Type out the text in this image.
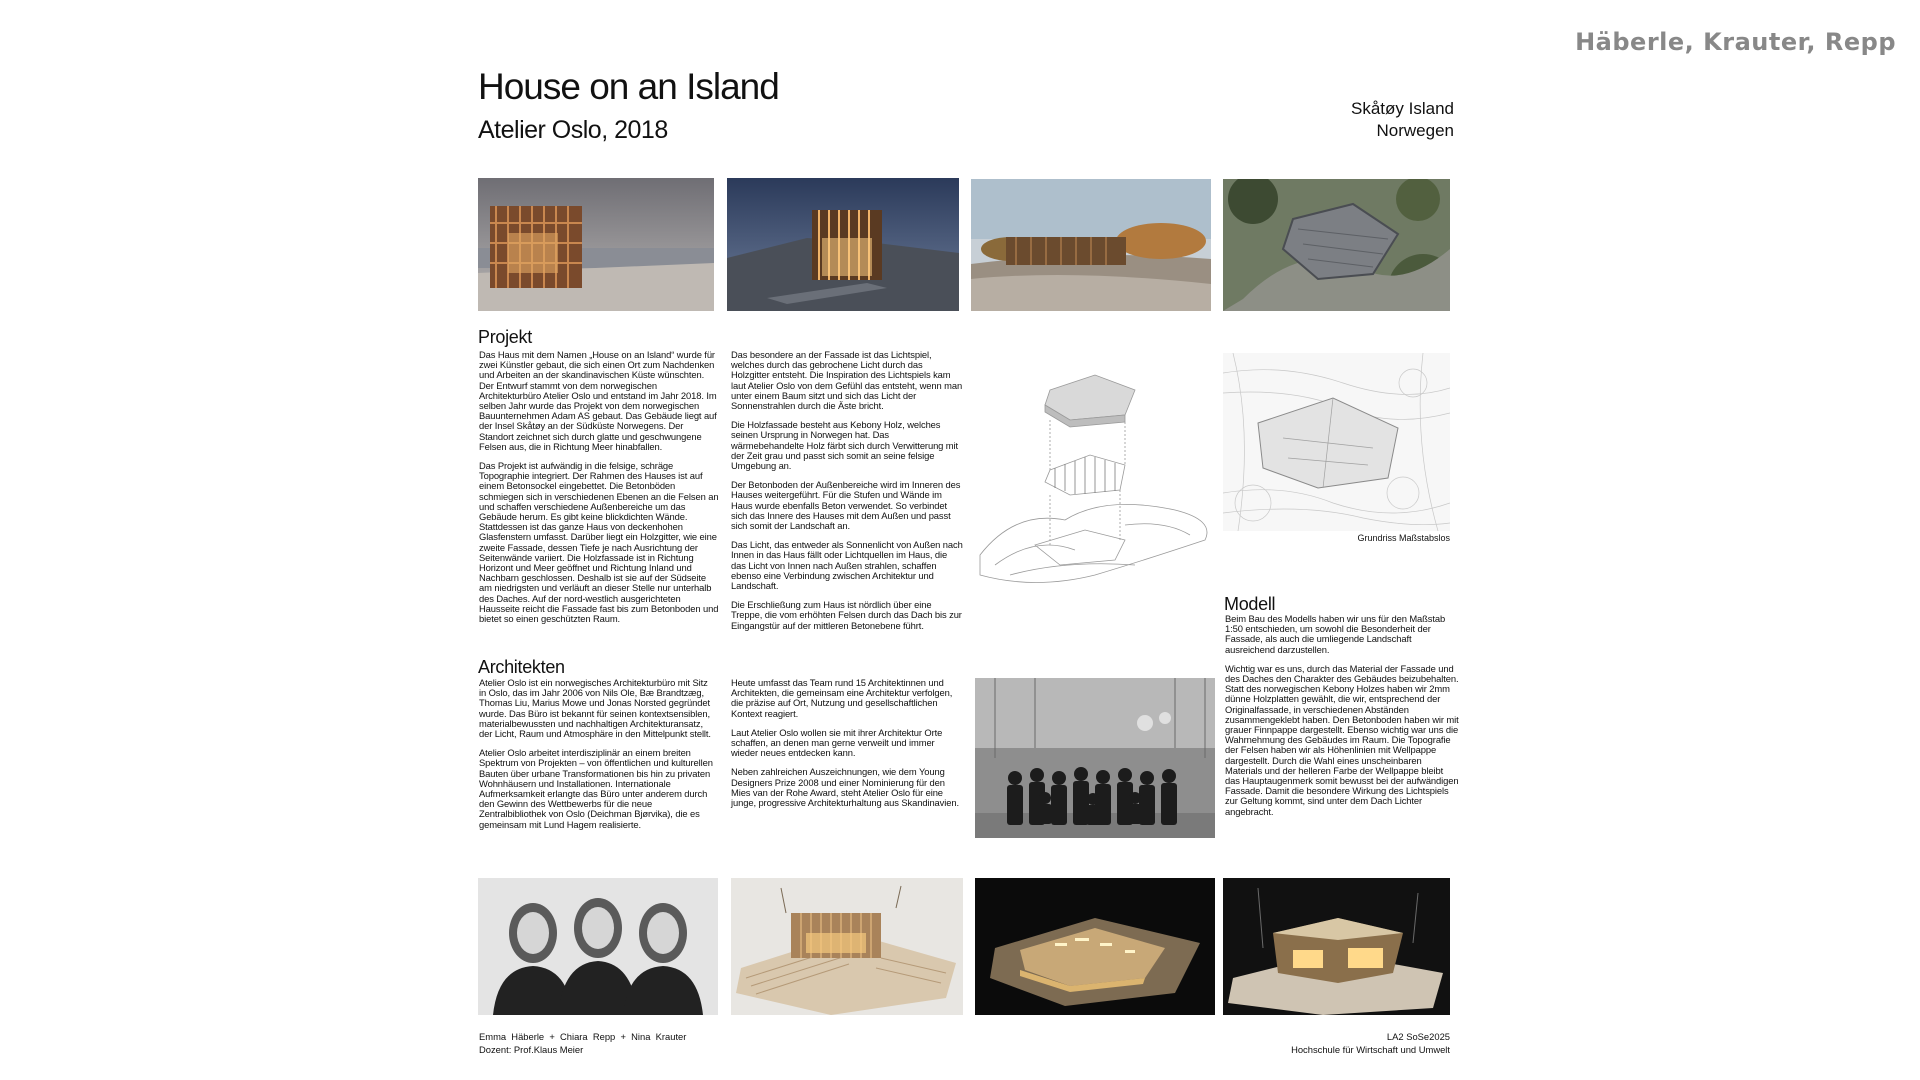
Häberle, Krauter, Repp
House on an Island
Atelier Oslo, 2018
Skåtøy Island
Norwegen
Projekt

Das Haus mit dem Namen „House on an Island“ wurde für zwei Künstler gebaut, die sich einen Ort zum Nachdenken und Arbeiten an der skandinavischen Küste wünschten. Der Entwurf stammt von dem norwegischen Architekturbüro Atelier Oslo und entstand im Jahr 2018. Im selben Jahr wurde das Projekt von dem norwegischen Bauunternehmen Adam AS gebaut. Das Gebäude liegt auf der Insel Skåtøy an der Südküste Norwegens. Der Standort zeichnet sich durch glatte und geschwungene Felsen aus, die in Richtung Meer hinabfallen.

Das Projekt ist aufwändig in die felsige, schräge Topographie integriert. Der Rahmen des Hauses ist auf einem Betonsockel eingebettet. Die Betonböden schmiegen sich in verschiedenen Ebenen an die Felsen an und schaffen verschiedene Außenbereiche um das Gebäude herum. Es gibt keine blickdichten Wände. Stattdessen ist das ganze Haus von deckenhohen Glasfenstern umfasst. Darüber liegt ein Holzgitter, wie eine zweite Fassade, dessen Tiefe je nach Ausrichtung der Seitenwände variiert. Die Holzfassade ist in Richtung Horizont und Meer geöffnet und Richtung Inland und Nachbarn geschlossen. Deshalb ist sie auf der Südseite am niedrigsten und verläuft an dieser Stelle nur unterhalb des Daches. Auf der nord-westlich ausgerichteten Hausseite reicht die Fassade fast bis zum Betonboden und bietet so einen geschützten Raum.

Das besondere an der Fassade ist das Lichtspiel, welches durch das gebrochene Licht durch das Holzgitter entsteht. Die Inspiration des Lichtspiels kam laut Atelier Oslo von dem Gefühl das entsteht, wenn man unter einem Baum sitzt und sich das Licht der Sonnenstrahlen durch die Äste bricht.

Die Holzfassade besteht aus Kebony Holz, welches seinen Ursprung in Norwegen hat. Das wärmebehandelte Holz färbt sich durch Verwitterung mit der Zeit grau und passt sich somit an seine felsige Umgebung an.

Der Betonboden der Außenbereiche wird im Inneren des Hauses weitergeführt. Für die Stufen und Wände im Haus wurde ebenfalls Beton verwendet. So verbindet sich das Innere des Hauses mit dem Außen und passt sich somit der Landschaft an.

Das Licht, das entweder als Sonnenlicht von Außen nach Innen in das Haus fällt oder Lichtquellen im Haus, die das Licht von Innen nach Außen strahlen, schaffen ebenso eine Verbindung zwischen Architektur und Landschaft.

Die Erschließung zum Haus ist nördlich über eine Treppe, die vom erhöhten Felsen durch das Dach bis zur Eingangstür auf der mittleren Betonebene führt.

Grundriss Maßstabslos
Modell

Beim Bau des Modells haben wir uns für den Maßstab 1:50 entschieden, um sowohl die Besonderheit der Fassade, als auch die umliegende Landschaft ausreichend darzustellen.

Wichtig war es uns, durch das Material der Fassade und des Daches den Charakter des Gebäudes beizubehalten. Statt des norwegischen Kebony Holzes haben wir 2mm dünne Holzplatten gewählt, die wir, entsprechend der Originalfassade, in verschiedenen Abständen zusammengeklebt haben. Den Betonboden haben wir mit grauer Finnpappe dargestellt. Ebenso wichtig war uns die Wahrnehmung des Gebäudes im Raum. Die Topografie der Felsen haben wir als Höhenlinien mit Wellpappe dargestellt. Durch die Wahl eines unscheinbaren Materials und der helleren Farbe der Wellpappe bleibt das Hauptaugenmerk somit bewusst bei der aufwändigen Fassade. Damit die besondere Wirkung des Lichtspiels zur Geltung kommt, sind unter dem Dach Lichter angebracht.

Architekten

Atelier Oslo ist ein norwegisches Architekturbüro mit Sitz in Oslo, das im Jahr 2006 von Nils Ole, Bæ Brandtzæg, Thomas Liu, Marius Mowe und Jonas Norsted gegründet wurde. Das Büro ist bekannt für seinen kontextsensiblen, materialbewussten und nachhaltigen Architekturansatz, der Licht, Raum und Atmosphäre in den Mittelpunkt stellt.

Atelier Oslo arbeitet interdisziplinär an einem breiten Spektrum von Projekten – von öffentlichen und kulturellen Bauten über urbane Transformationen bis hin zu privaten Wohnhäusern und Installationen. Internationale Aufmerksamkeit erlangte das Büro unter anderem durch den Gewinn des Wettbewerbs für die neue Zentralbibliothek von Oslo (Deichman Bjørvika), die es gemeinsam mit Lund Hagem realisierte.

Heute umfasst das Team rund 15 Architektinnen und Architekten, die gemeinsam eine Architektur verfolgen, die präzise auf Ort, Nutzung und gesellschaftlichen Kontext reagiert.

Laut Atelier Oslo wollen sie mit ihrer Architektur Orte schaffen, an denen man gerne verweilt und immer wieder neues entdecken kann.

Neben zahlreichen Auszeichnungen, wie dem Young Designers Prize 2008 und einer Nominierung für den Mies van der Rohe Award, steht Atelier Oslo für eine junge, progressive Architekturhaltung aus Skandinavien.

Emma  Häberle  +  Chiara  Repp  +  Nina  Krauter
Dozent: Prof.Klaus Meier
LA2 SoSe2025
Hochschule für Wirtschaft und Umwelt
